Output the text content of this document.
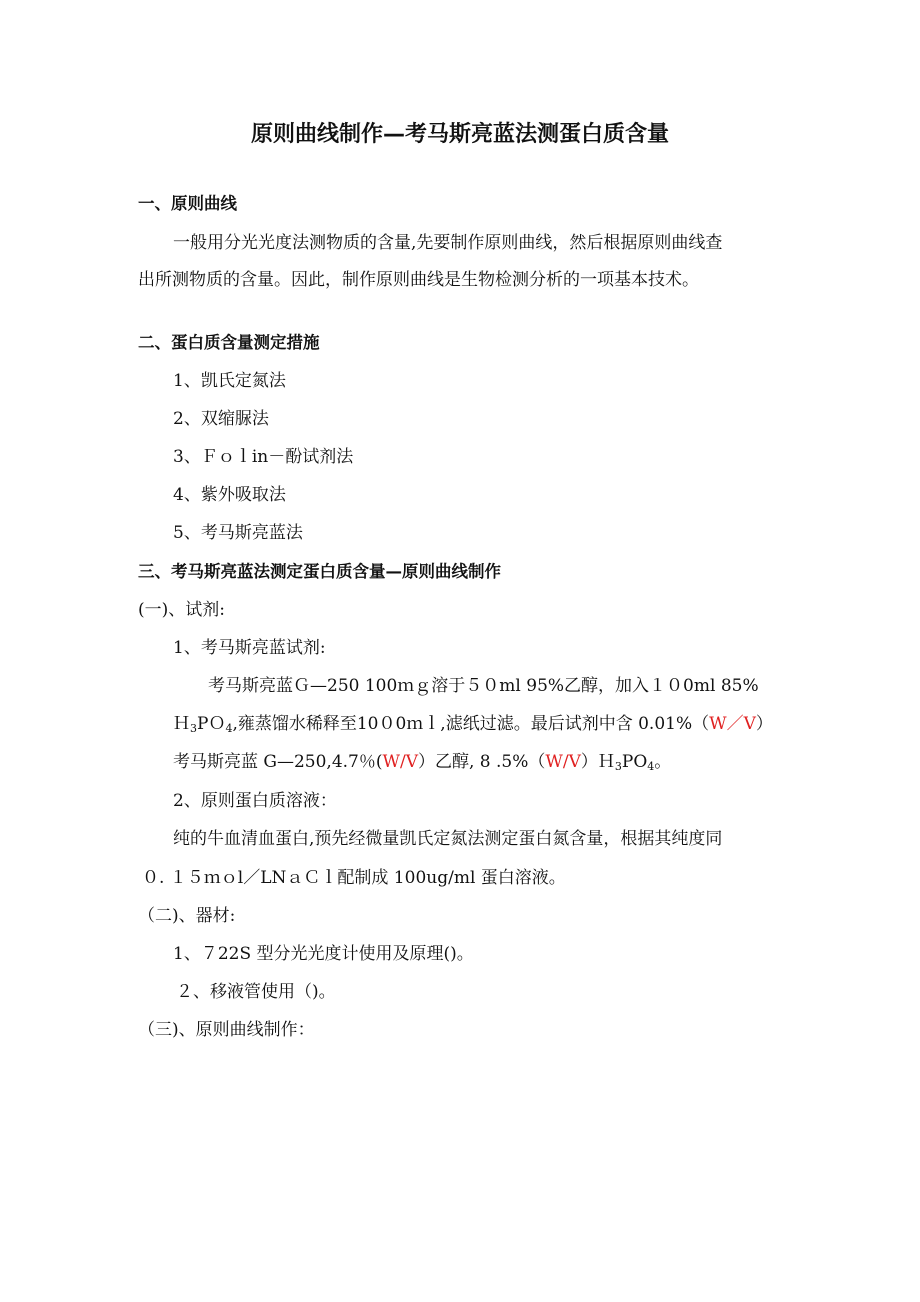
原则曲线制作—考马斯亮蓝法测蛋白质含量
一、原则曲线
一般用分光光度法测物质的含量,先要制作原则曲线，然后根据原则曲线查
出所测物质的含量。因此，制作原则曲线是生物检测分析的一项基本技术。
二、蛋白质含量测定措施
1、凯氏定氮法
2、双缩脲法
3、Ｆｏｌin－酚试剂法
4、紫外吸取法
5、考马斯亮蓝法
三、考马斯亮蓝法测定蛋白质含量—原则曲线制作
(一)、试剂:
1、考马斯亮蓝试剂:
考马斯亮蓝Ｇ—250 100ｍｇ溶于５０ml 95%乙醇，加入１０0ml 85%
Ｈ$_3$PＯ$_4$,雍蒸馏水稀释至10０0ｍｌ,滤纸过滤。最后试剂中含 0.01%（W／V）
考马斯亮蓝 G—250,4.7％(W/V）乙醇, 8 $.5\%(W/V)H_3PO_4$。
2、原则蛋白质溶液：
纯的牛血清血蛋白,预先经微量凯氏定氮法测定蛋白氮含量，根据其纯度同
０. １５ｍｏl／LNａＣｌ配制成 100ug/ml 蛋白溶液。
（二)、器材:
1、７22S 型分光光度计使用及原理()。
２、移液管使用（)。
（三)、原则曲线制作：
